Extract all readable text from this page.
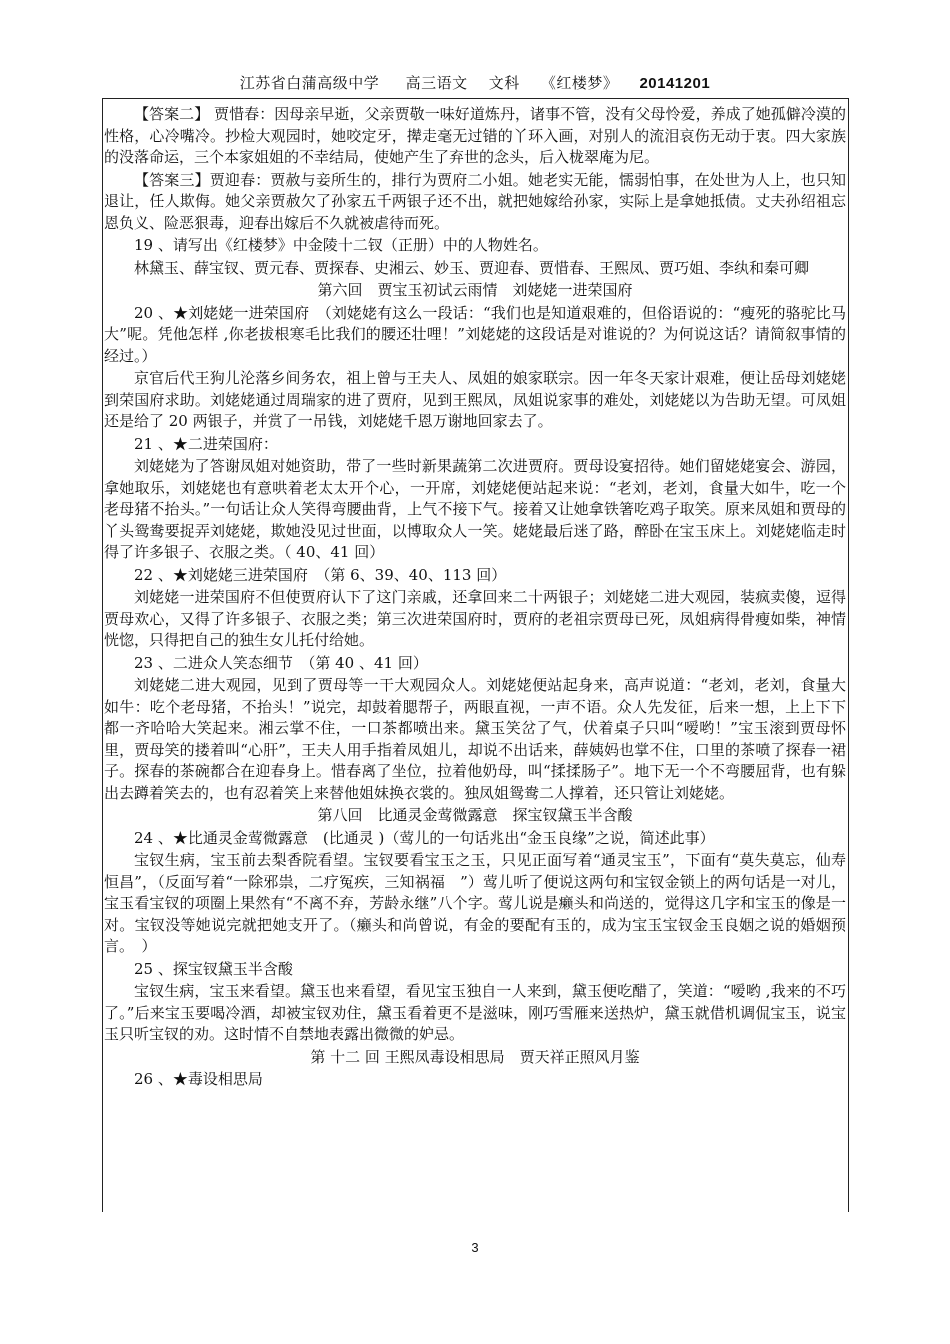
江苏省白蒲高级中学 高三语文 文科 《红楼梦》 20141201

【答案二】 贾惜春：因母亲早逝，父亲贾敬一味好道炼丹，诸事不管，没有父母怜爱，养成了她孤僻冷漠的性格，心冷嘴冷。抄检大观园时，她咬定牙，撵走毫无过错的丫环入画，对别人的流泪哀伤无动于衷。四大家族的没落命运，三个本家姐姐的不幸结局，使她产生了弃世的念头，后入栊翠庵为尼。

【答案三】贾迎春：贾赦与妾所生的，排行为贾府二小姐。她老实无能，懦弱怕事，在处世为人上，也只知退让，任人欺侮。她父亲贾赦欠了孙家五千两银子还不出，就把她嫁给孙家，实际上是拿她抵债。丈夫孙绍祖忘恩负义、险恶狠毒，迎春出嫁后不久就被虐待而死。

19 、请写出《红楼梦》中金陵十二钗（正册）中的人物姓名。

林黛玉、薛宝钗、贾元春、贾探春、史湘云、妙玉、贾迎春、贾惜春、王熙凤、贾巧姐、李纨和秦可卿

第六回　贾宝玉初试云雨情　刘姥姥一进荣国府

20 、★刘姥姥一进荣国府　（刘姥姥有这么一段话：“我们也是知道艰难的，但俗语说的：“瘦死的骆驼比马大”呢。凭他怎样 ,你老拔根寒毛比我们的腰还壮哩！”刘姥姥的这段话是对谁说的？为何说这话？请简叙事情的经过。）

京官后代王狗儿沦落乡间务农，祖上曾与王夫人、凤姐的娘家联宗。因一年冬天家计艰难，便让岳母刘姥姥到荣国府求助。刘姥姥通过周瑞家的进了贾府，见到王熙凤，凤姐说家事的难处，刘姥姥以为告助无望。可凤姐还是给了 20 两银子，并赏了一吊钱，刘姥姥千恩万谢地回家去了。

21 、★二进荣国府：

刘姥姥为了答谢凤姐对她资助，带了一些时新果蔬第二次进贾府。贾母设宴招待。她们留姥姥宴会、游园，拿她取乐，刘姥姥也有意哄着老太太开个心，一开席，刘姥姥便站起来说：“老刘，老刘，食量大如牛，吃一个老母猪不抬头。”一句话让众人笑得弯腰曲背，上气不接下气。接着又让她拿铁箸吃鸡子取笑。原来凤姐和贾母的丫头鸳鸯要捉弄刘姥姥，欺她没见过世面，以博取众人一笑。姥姥最后迷了路，醉卧在宝玉床上。刘姥姥临走时得了许多银子、衣服之类。（ 40、41 回）

22 、★刘姥姥三进荣国府　（第 6、39、40、113 回）

刘姥姥一进荣国府不但使贾府认下了这门亲戚，还拿回来二十两银子；刘姥姥二进大观园，装疯卖傻，逗得贾母欢心，又得了许多银子、衣服之类；第三次进荣国府时，贾府的老祖宗贾母已死，凤姐病得骨瘦如柴，神情恍惚，只得把自己的独生女儿托付给她。

23 、二进众人笑态细节　（第 40 、41 回）

刘姥姥二进大观园，见到了贾母等一干大观园众人。刘姥姥便站起身来，高声说道：“老刘，老刘，食量大如牛：吃个老母猪，不抬头！”说完，却鼓着腮帮子，两眼直视，一声不语。众人先发征，后来一想，上上下下都一齐哈哈大笑起来。湘云掌不住，一口茶都喷出来。黛玉笑岔了气，伏着桌子只叫“嗳哟！”宝玉滚到贾母怀里，贾母笑的搂着叫“心肝”，王夫人用手指着凤姐儿，却说不出话来，薛姨妈也掌不住，口里的茶喷了探春一裙子。探春的茶碗都合在迎春身上。惜春离了坐位，拉着他奶母，叫“揉揉肠子”。地下无一个不弯腰屈背，也有躲出去蹲着笑去的，也有忍着笑上来替他姐妹换衣裳的。独凤姐鸳鸯二人撑着，还只管让刘姥姥。

第八回　比通灵金莺微露意　探宝钗黛玉半含酸

24 、★比通灵金莺微露意　(比通灵 )（莺儿的一句话兆出“金玉良缘”之说，简述此事）

宝钗生病，宝玉前去梨香院看望。宝钗要看宝玉之玉，只见正面写着“通灵宝玉”，下面有“莫失莫忘，仙寿恒昌”，（反面写着“一除邪祟，二疗冤疾，三知祸福　”）莺儿听了便说这两句和宝钗金锁上的两句话是一对儿，宝玉看宝钗的项圈上果然有“不离不弃，芳龄永继”八个字。莺儿说是癞头和尚送的，觉得这几字和宝玉的像是一对。宝钗没等她说完就把她支开了。（癞头和尚曾说，有金的要配有玉的，成为宝玉宝钗金玉良姻之说的婚姻预言。　）

25 、探宝钗黛玉半含酸

宝钗生病，宝玉来看望。黛玉也来看望，看见宝玉独自一人来到，黛玉便吃醋了，笑道：“嗳哟 ,我来的不巧了。”后来宝玉要喝冷酒，却被宝钗劝住，黛玉看着更不是滋味，刚巧雪雁来送热炉，黛玉就借机调侃宝玉，说宝玉只听宝钗的劝。这时情不自禁地表露出微微的妒忌。

第 十二 回 王熙凤毒设相思局　贾天祥正照风月鉴

26 、★毒设相思局

3
